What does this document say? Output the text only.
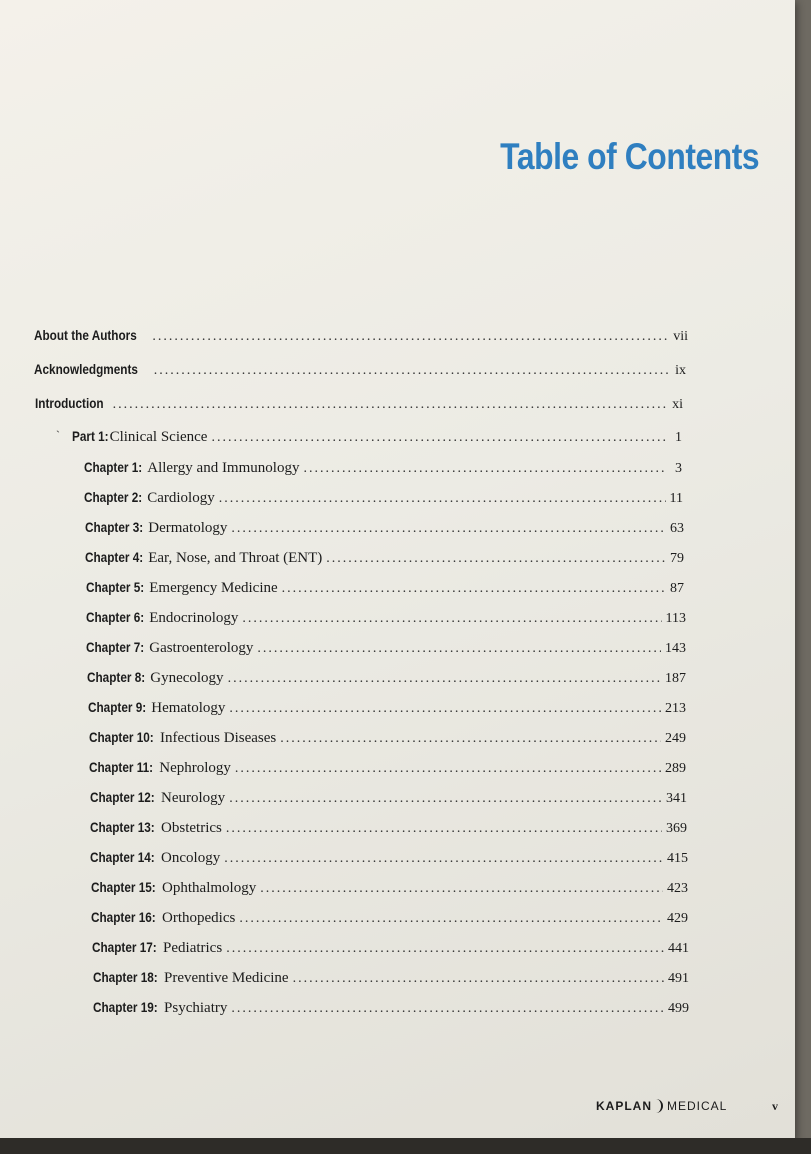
Table of Contents
About the Authors .....	vii
Acknowledgments .....	ix
Introduction .....	xi
ˋ Part 1: Clinical Science .....	1
Chapter 1: Allergy and Immunology .....	3
Chapter 2: Cardiology .....	11
Chapter 3: Dermatology .....	63
Chapter 4: Ear, Nose, and Throat (ENT) .....	79
Chapter 5: Emergency Medicine .....	87
Chapter 6: Endocrinology .....	113
Chapter 7: Gastroenterology .....	143
Chapter 8: Gynecology .....	187
Chapter 9: Hematology .....	213
Chapter 10: Infectious Diseases .....	249
Chapter 11: Nephrology .....	289
Chapter 12: Neurology .....	341
Chapter 13: Obstetrics .....	369
Chapter 14: Oncology .....	415
Chapter 15: Ophthalmology .....	423
Chapter 16: Orthopedics .....	429
Chapter 17: Pediatrics .....	441
Chapter 18: Preventive Medicine .....	491
Chapter 19: Psychiatry .....	499
KAPLAN MEDICAL	v
